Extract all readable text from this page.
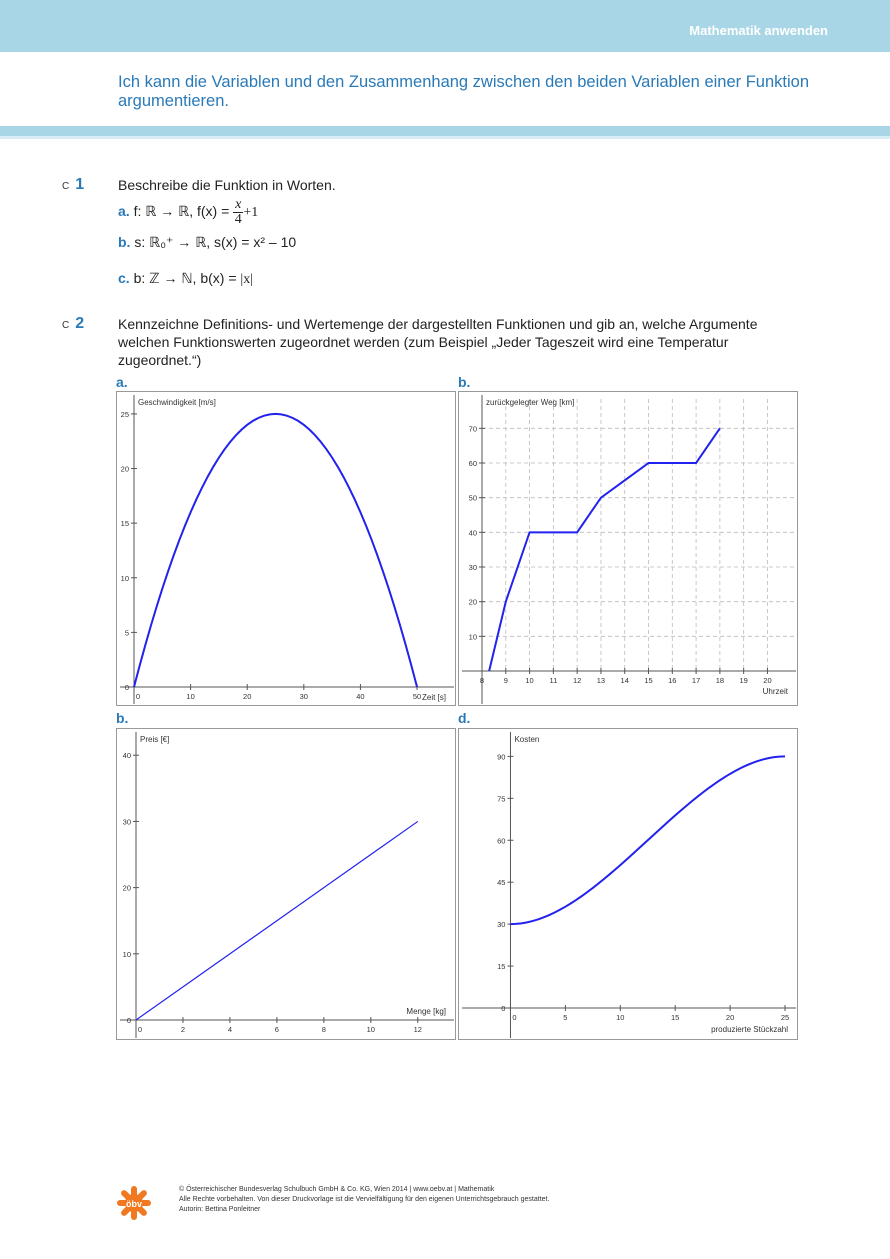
Mathematik anwenden
Ich kann die Variablen und den Zusammenhang zwischen den beiden Variablen einer Funktion argumentieren.
C 1 Beschreibe die Funktion in Worten.
a. f: ℝ → ℝ, $f(x) = \frac{x}{4} +1$
b. s: ℝ₀⁺ → ℝ, s(x) = x² – 10
c. b: ℤ → ℕ, b(x) = |x|
C 2 Kennzeichne Definitions- und Wertemenge der dargestellten Funktionen und gib an, welche Argumente welchen Funktionswerten zugeordnet werden (zum Beispiel „Jeder Tageszeit wird eine Temperatur zugeordnet.“)
a.	b.
b.	d.
0	10	20	30	40	50
0
5
10
15
20
25
Geschwindigkeit [m/s]
Zeit [s]
8	9 10 11 12 13 14 15 16 17 18 19 20
10
20
30
40
50
60
70
zurückgelegter Weg [km]
Uhrzeit
0	2	4	6	8	10	12
0
10
20
30
40
Preis [€]
Menge [kg]
0	5	10	15	20	25
0
15
30
45
60
75
90
Kosten
produzierte Stückzahl
öbv
© Österreichischer Bundesverlag Schulbuch GmbH & Co. KG, Wien 2014 | www.oebv.at | Mathematik
Alle Rechte vorbehalten. Von dieser Druckvorlage ist die Vervielfältigung für den eigenen Unterrichtsgebrauch gestattet.
Autorin: Bettina Ponleitner
